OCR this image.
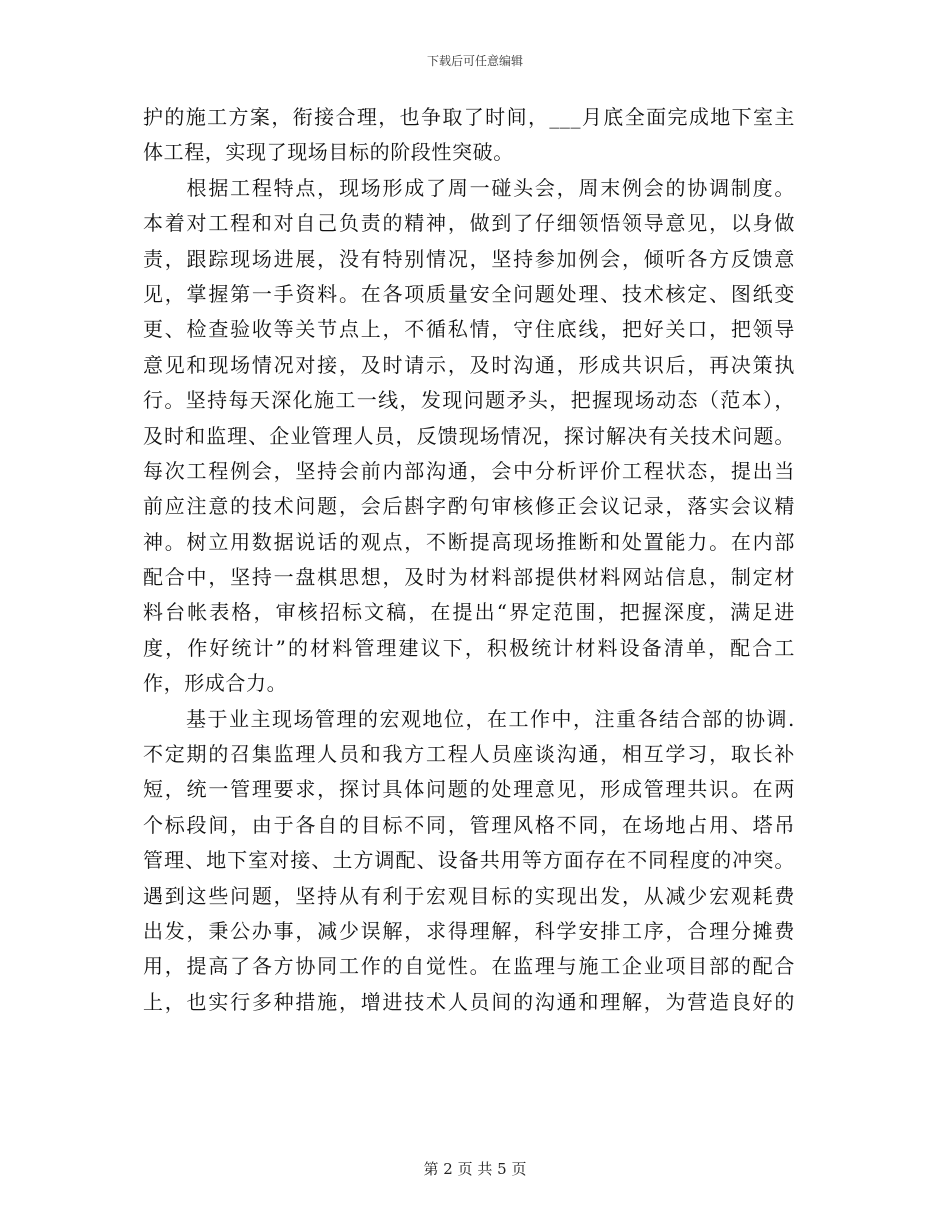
下载后可任意编辑
护的施工方案，衔接合理，也争取了时间，___月底全面完成地下室主
体工程，实现了现场目标的阶段性突破。
　　根据工程特点，现场形成了周一碰头会，周末例会的协调制度。
本着对工程和对自己负责的精神，做到了仔细领悟领导意见，以身做
责，跟踪现场进展，没有特别情况，坚持参加例会，倾听各方反馈意
见，掌握第一手资料。在各项质量安全问题处理、技术核定、图纸变
更、检查验收等关节点上，不循私情，守住底线，把好关口，把领导
意见和现场情况对接，及时请示，及时沟通，形成共识后，再决策执
行。坚持每天深化施工一线，发现问题矛头，把握现场动态（范本），
及时和监理、企业管理人员，反馈现场情况，探讨解决有关技术问题。
每次工程例会，坚持会前内部沟通，会中分析评价工程状态，提出当
前应注意的技术问题，会后斟字酌句审核修正会议记录，落实会议精
神。树立用数据说话的观点，不断提高现场推断和处置能力。在内部
配合中，坚持一盘棋思想，及时为材料部提供材料网站信息，制定材
料台帐表格，审核招标文稿，在提出“界定范围，把握深度，满足进
度，作好统计”的材料管理建议下，积极统计材料设备清单，配合工
作，形成合力。
　　基于业主现场管理的宏观地位，在工作中，注重各结合部的协调.
不定期的召集监理人员和我方工程人员座谈沟通，相互学习，取长补
短，统一管理要求，探讨具体问题的处理意见，形成管理共识。在两
个标段间，由于各自的目标不同，管理风格不同，在场地占用、塔吊
管理、地下室对接、土方调配、设备共用等方面存在不同程度的冲突。
遇到这些问题，坚持从有利于宏观目标的实现出发，从减少宏观耗费
出发，秉公办事，减少误解，求得理解，科学安排工序，合理分摊费
用，提高了各方协同工作的自觉性。在监理与施工企业项目部的配合
上，也实行多种措施，增进技术人员间的沟通和理解，为营造良好的
第 2 页 共 5 页
